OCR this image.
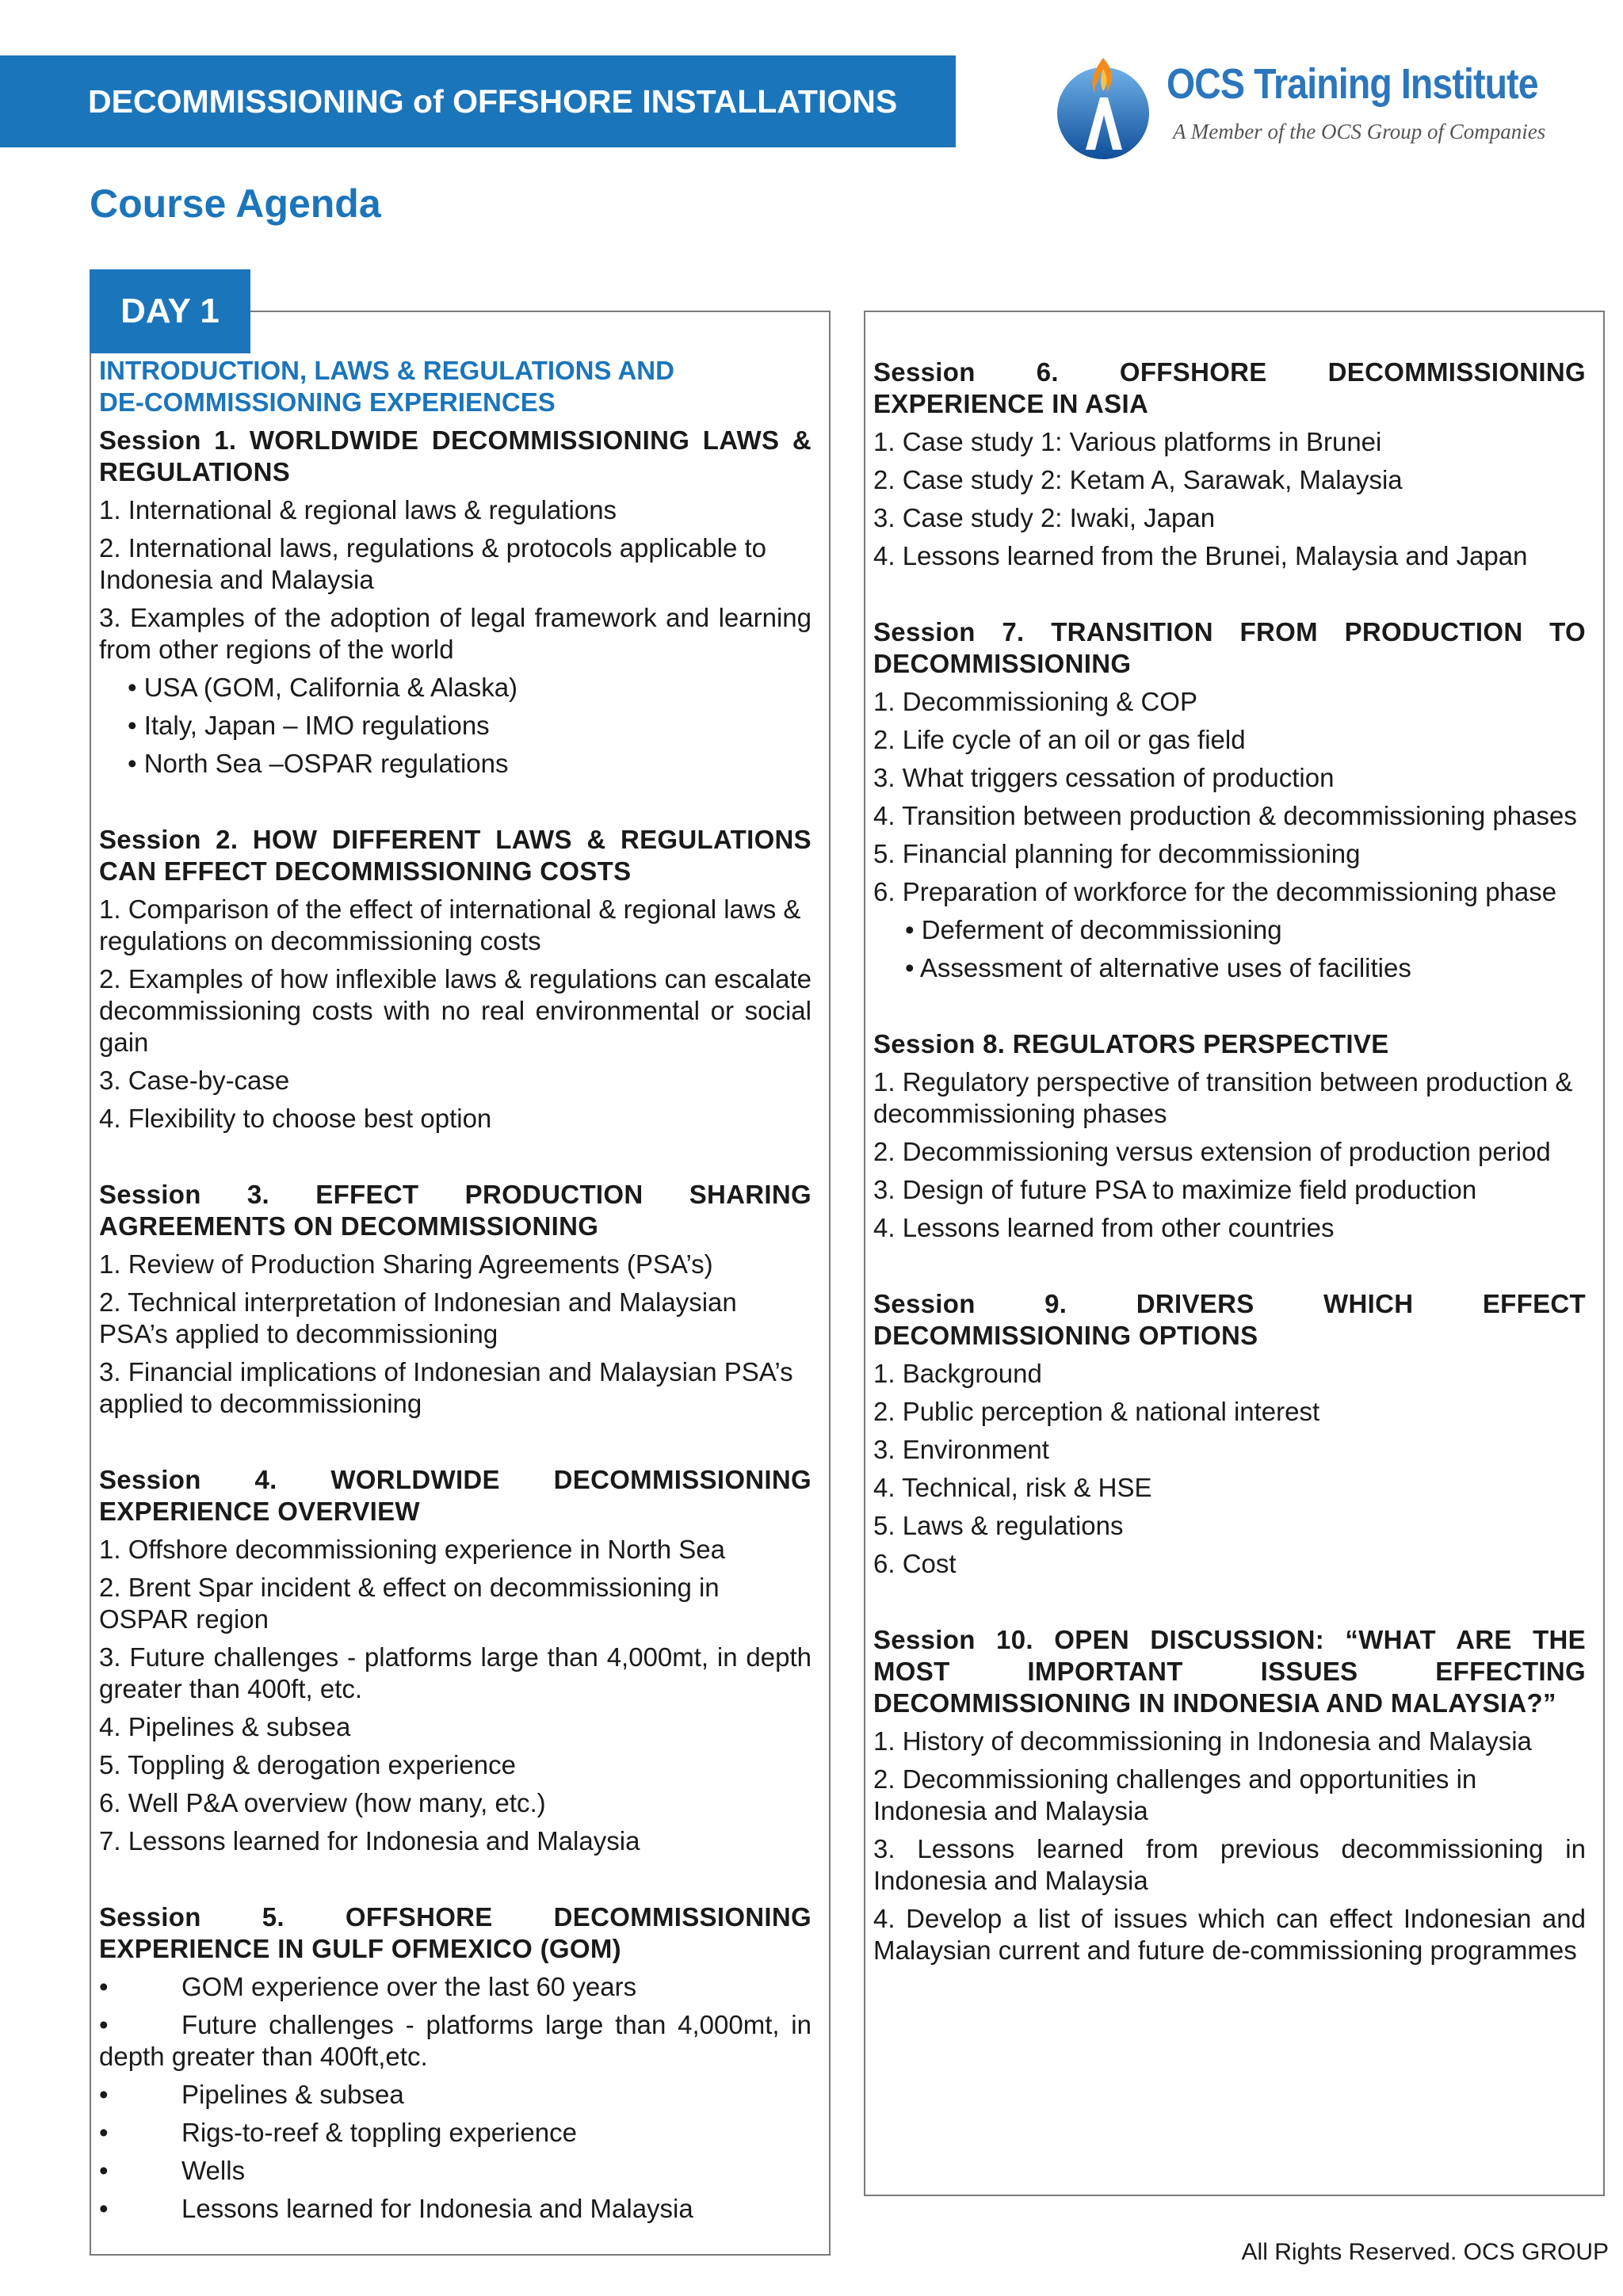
DECOMMISSIONING of OFFSHORE INSTALLATIONS	OCS Training Institute
A Member of the OCS Group of Companies
Course Agenda
DAY 1
INTRODUCTION, LAWS & REGULATIONS AND
DE-COMMISSIONING EXPERIENCES
Session 1. WORLDWIDE DECOMMISSIONING LAWS & REGULATIONS
1. International & regional laws & regulations
2. International laws, regulations & protocols applicable to Indonesia and Malaysia
3. Examples of the adoption of legal framework and learning from other regions of the world
• USA (GOM, California & Alaska)
• Italy, Japan – IMO regulations
• North Sea –OSPAR regulations
Session 2. HOW DIFFERENT LAWS & REGULATIONS CAN EFFECT DECOMMISSIONING COSTS
1. Comparison of the effect of international & regional laws & regulations on decommissioning costs
2. Examples of how inflexible laws & regulations can escalate decommissioning costs with no real environmental or social gain
3. Case-by-case
4. Flexibility to choose best option
Session 3. EFFECT PRODUCTION SHARING AGREEMENTS ON DECOMMISSIONING
1. Review of Production Sharing Agreements (PSA’s)
2. Technical interpretation of Indonesian and Malaysian PSA’s applied to decommissioning
3. Financial implications of Indonesian and Malaysian PSA’s applied to decommissioning
Session 4. WORLDWIDE DECOMMISSIONING EXPERIENCE OVERVIEW
1. Offshore decommissioning experience in North Sea
2. Brent Spar incident & effect on decommissioning in OSPAR region
3. Future challenges - platforms large than 4,000mt, in depth greater than 400ft, etc.
4. Pipelines & subsea
5. Toppling & derogation experience
6. Well P&A overview (how many, etc.)
7. Lessons learned for Indonesia and Malaysia
Session 5. OFFSHORE DECOMMISSIONING EXPERIENCE IN GULF OFMEXICO (GOM)
•	GOM experience over the last 60 years
•	Future challenges - platforms large than 4,000mt, in depth greater than 400ft,etc.
•	Pipelines & subsea
•	Rigs-to-reef & toppling experience
•	Wells
•	Lessons learned for Indonesia and Malaysia
Session 6. OFFSHORE DECOMMISSIONING EXPERIENCE IN ASIA
1. Case study 1: Various platforms in Brunei
2. Case study 2: Ketam A, Sarawak, Malaysia
3. Case study 2: Iwaki, Japan
4. Lessons learned from the Brunei, Malaysia and Japan
Session 7. TRANSITION FROM PRODUCTION TO DECOMMISSIONING
1. Decommissioning & COP
2. Life cycle of an oil or gas field
3. What triggers cessation of production
4. Transition between production & decommissioning phases
5. Financial planning for decommissioning
6. Preparation of workforce for the decommissioning phase
• Deferment of decommissioning
• Assessment of alternative uses of facilities
Session 8. REGULATORS PERSPECTIVE
1. Regulatory perspective of transition between production & decommissioning phases
2. Decommissioning versus extension of production period
3. Design of future PSA to maximize field production
4. Lessons learned from other countries
Session 9. DRIVERS WHICH EFFECT DECOMMISSIONING OPTIONS
1. Background
2. Public perception & national interest
3. Environment
4. Technical, risk & HSE
5. Laws & regulations
6. Cost
Session 10. OPEN DISCUSSION: “WHAT ARE THE MOST IMPORTANT ISSUES EFFECTING DECOMMISSIONING IN INDONESIA AND MALAYSIA?”
1. History of decommissioning in Indonesia and Malaysia
2. Decommissioning challenges and opportunities in Indonesia and Malaysia
3. Lessons learned from previous decommissioning in Indonesia and Malaysia
4. Develop a list of issues which can effect Indonesian and Malaysian current and future de-commissioning programmes
All Rights Reserved. OCS GROUP
